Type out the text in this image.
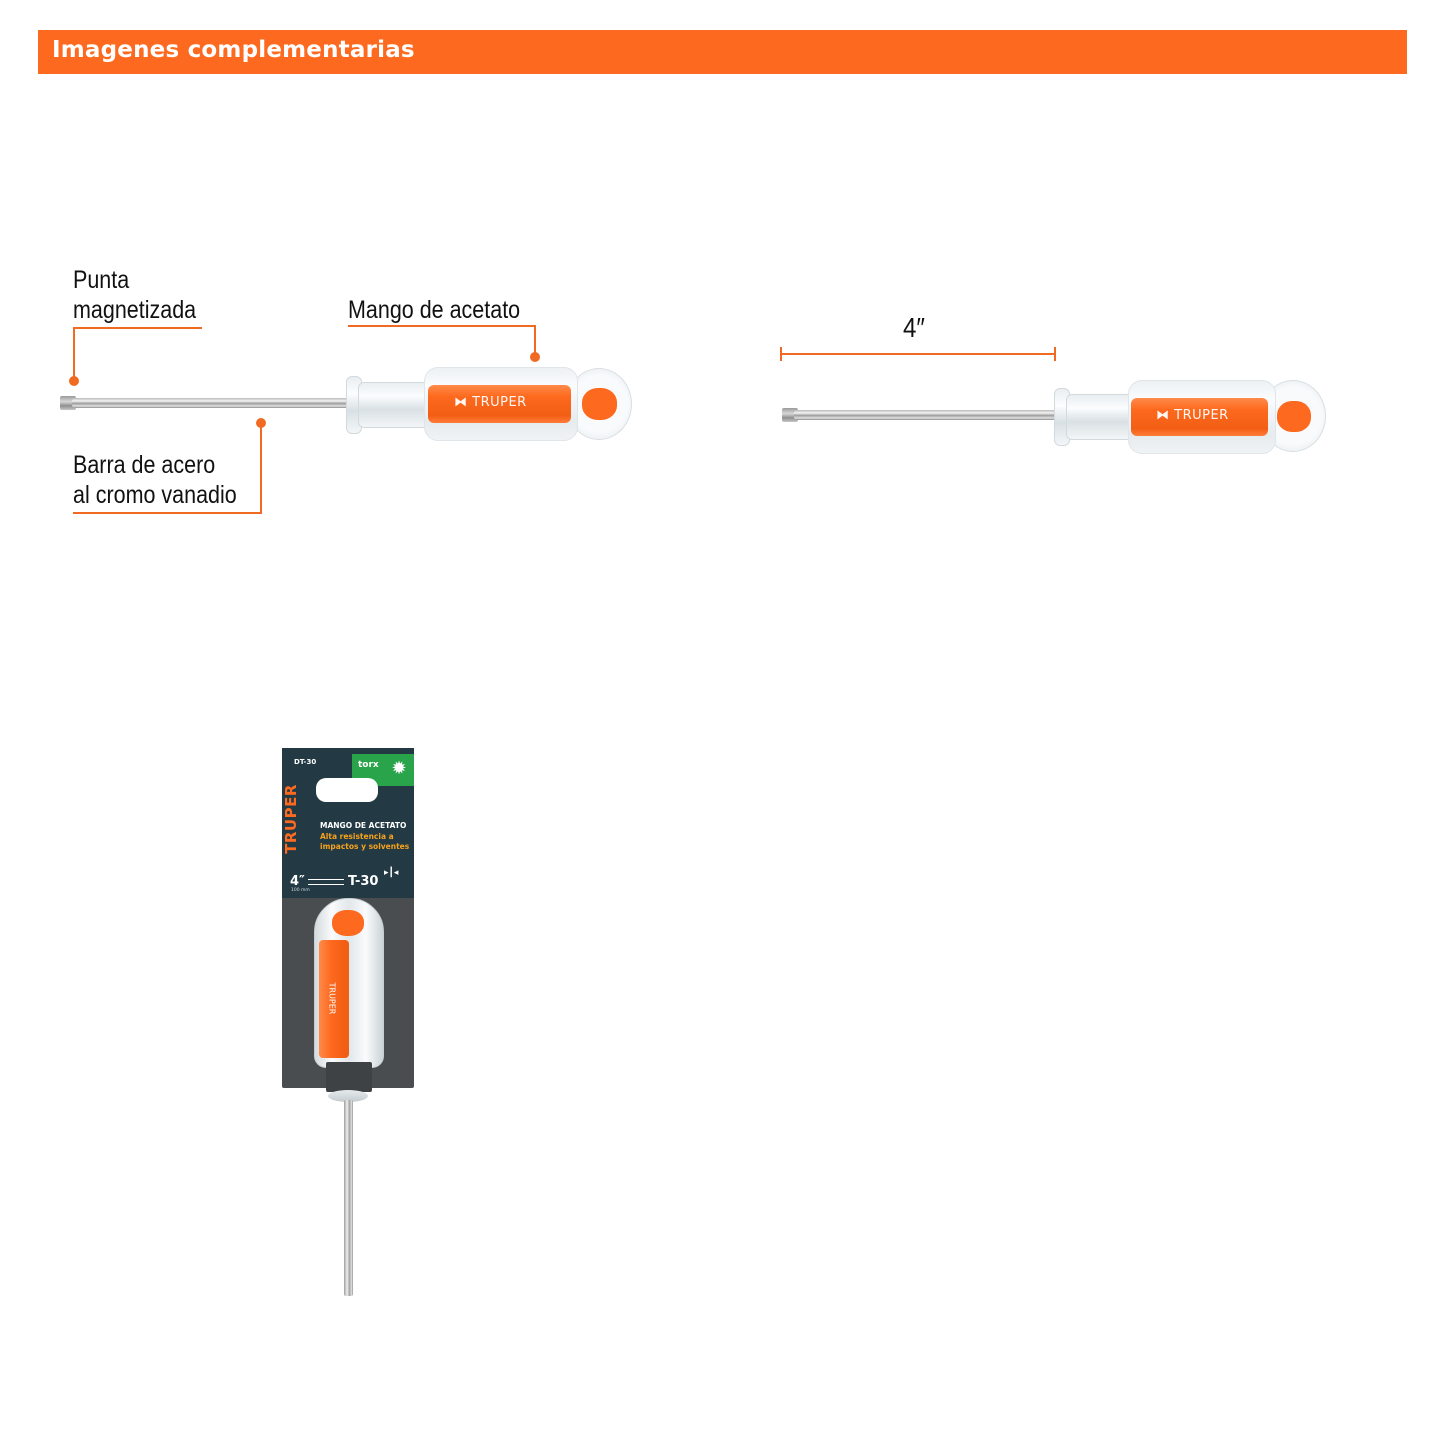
Imagenes complementarias
Punta
magnetizada	Mango de acetato
Barra de acero
al cromo vanadio
⧓ TRUPER
4″
⧓ TRUPER
DT-30	torx ✹
TRUPER	MANGO DE ACETATO
Alta resistencia a impactos y solventes
4″
100 mm
T-30
▸┃◂
TRUPER
